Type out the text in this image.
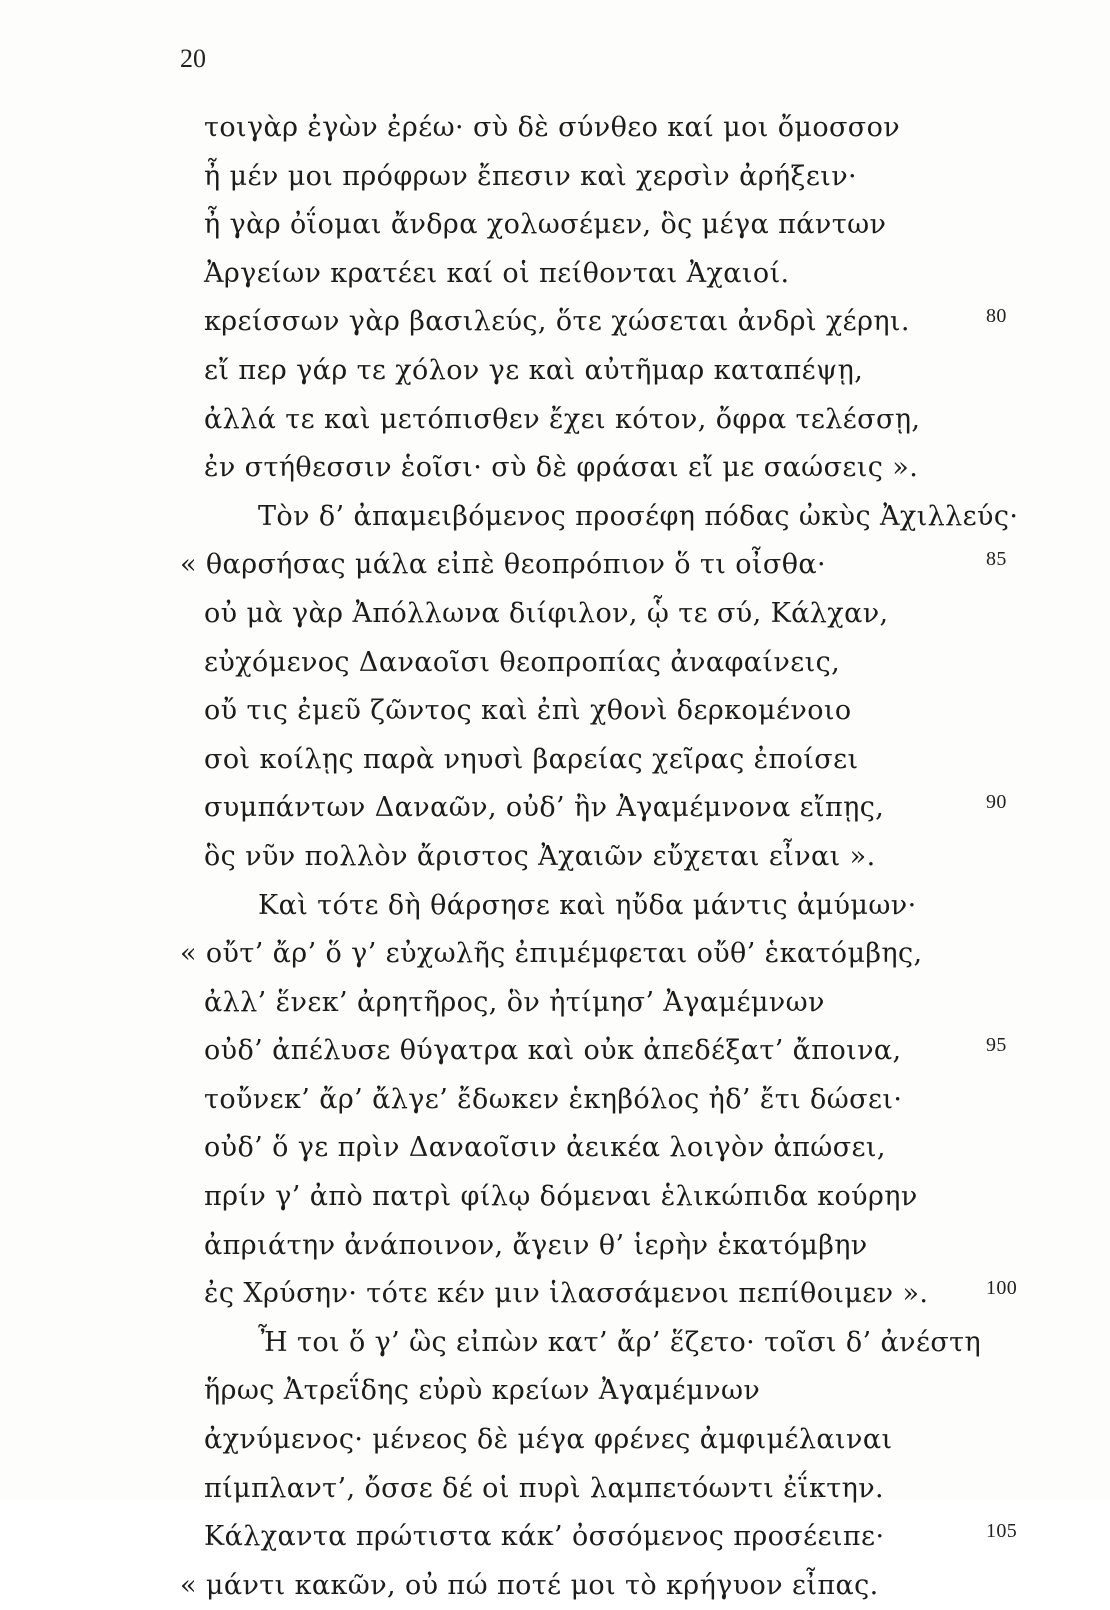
20
τοιγὰρ ἐγὼν ἐρέω· σὺ δὲ σύνθεο καί μοι ὄμοσσον
ἦ μέν μοι πρόφρων ἔπεσιν καὶ χερσὶν ἀρήξειν·
ἦ γὰρ ὀΐομαι ἄνδρα χολωσέμεν, ὃς μέγα πάντων
Ἀργείων κρατέει καί οἱ πείθονται Ἀχαιοί.
κρείσσων γὰρ βασιλεύς, ὅτε χώσεται ἀνδρὶ χέρηι.	80
εἴ περ γάρ τε χόλον γε καὶ αὐτῆμαρ καταπέψῃ,
ἀλλά τε καὶ μετόπισθεν ἔχει κότον, ὄφρα τελέσσῃ,
ἐν στήθεσσιν ἑοῖσι· σὺ δὲ φράσαι εἴ με σαώσεις ».
Τὸν δ’ ἀπαμειβόμενος προσέφη πόδας ὠκὺς Ἀχιλλεύς·
« θαρσήσας μάλα εἰπὲ θεοπρόπιον ὅ τι οἶσθα·	85
οὐ μὰ γὰρ Ἀπόλλωνα διίφιλον, ᾧ τε σύ, Κάλχαν,
εὐχόμενος Δαναοῖσι θεοπροπίας ἀναφαίνεις,
οὔ τις ἐμεῦ ζῶντος καὶ ἐπὶ χθονὶ δερκομένοιο
σοὶ κοίλῃς παρὰ νηυσὶ βαρείας χεῖρας ἐποίσει
συμπάντων Δαναῶν, οὐδ’ ἢν Ἀγαμέμνονα εἴπῃς,	90
ὃς νῦν πολλὸν ἄριστος Ἀχαιῶν εὔχεται εἶναι ».
Καὶ τότε δὴ θάρσησε καὶ ηὔδα μάντις ἀμύμων·
« οὔτ’ ἄρ’ ὅ γ’ εὐχωλῆς ἐπιμέμφεται οὔθ’ ἑκατόμβης,
ἀλλ’ ἕνεκ’ ἀρητῆρος, ὃν ἠτίμησ’ Ἀγαμέμνων
οὐδ’ ἀπέλυσε θύγατρα καὶ οὐκ ἀπεδέξατ’ ἄποινα,	95
τοὔνεκ’ ἄρ’ ἄλγε’ ἔδωκεν ἑκηβόλος ἠδ’ ἔτι δώσει·
οὐδ’ ὅ γε πρὶν Δαναοῖσιν ἀεικέα λοιγὸν ἀπώσει,
πρίν γ’ ἀπὸ πατρὶ φίλῳ δόμεναι ἑλικώπιδα κούρην
ἀπριάτην ἀνάποινον, ἄγειν θ’ ἱερὴν ἑκατόμβην
ἐς Χρύσην· τότε κέν μιν ἱλασσάμενοι πεπίθοιμεν ».	100
Ἦ τοι ὅ γ’ ὣς εἰπὼν κατ’ ἄρ’ ἕζετο· τοῖσι δ’ ἀνέστη
ἥρως Ἀτρεΐδης εὐρὺ κρείων Ἀγαμέμνων
ἀχνύμενος· μένεος δὲ μέγα φρένες ἀμφιμέλαιναι
πίμπλαντ’, ὄσσε δέ οἱ πυρὶ λαμπετόωντι ἐΐκτην.
Κάλχαντα πρώτιστα κάκ’ ὀσσόμενος προσέειπε·	105
« μάντι κακῶν, οὐ πώ ποτέ μοι τὸ κρήγυον εἶπας.
